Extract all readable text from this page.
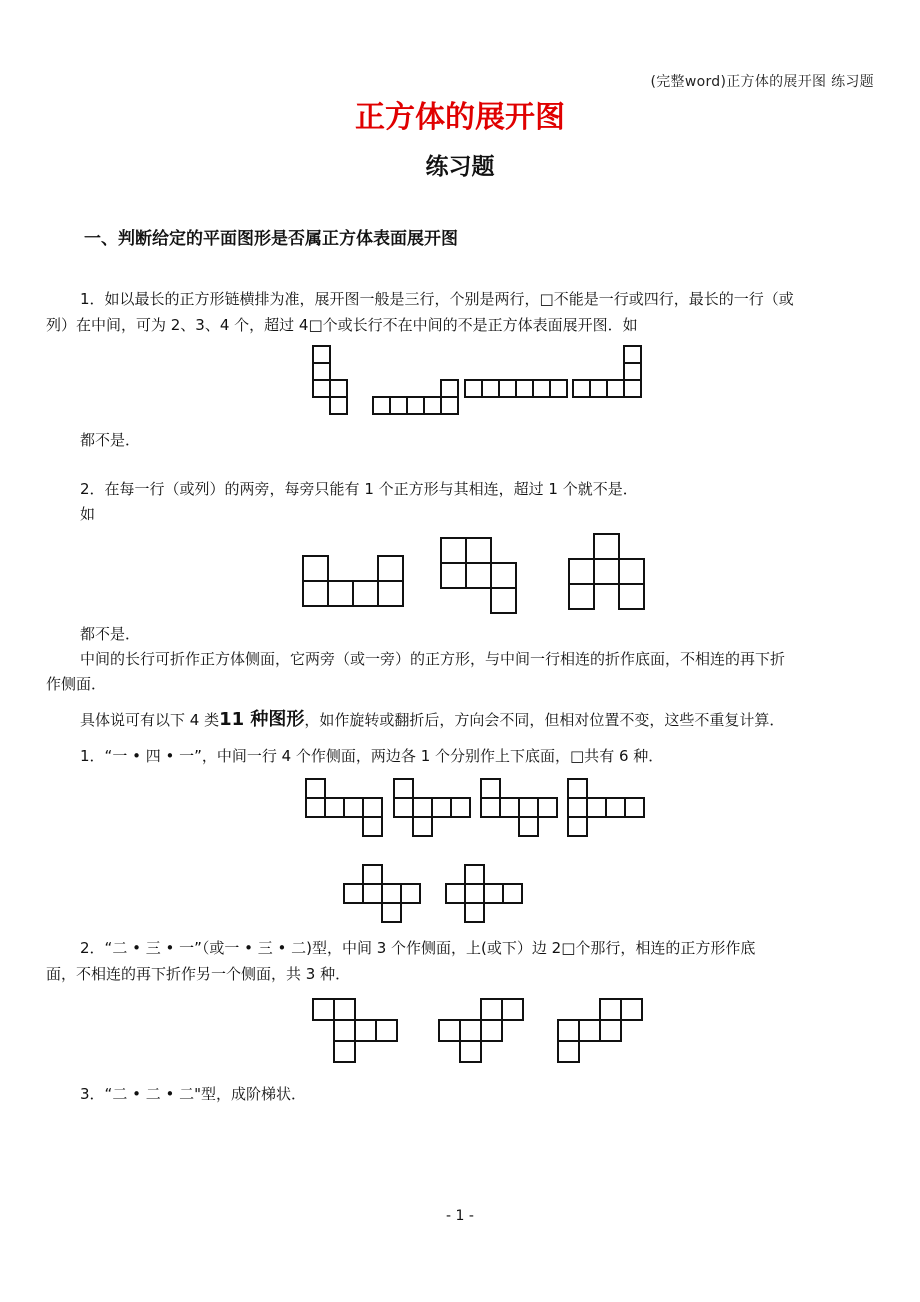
(完整word)正方体的展开图 练习题
正方体的展开图
练习题
一、判断给定的平面图形是否属正方体表面展开图
1．如以最长的正方形链横排为准，展开图一般是三行，个别是两行，□不能是一行或四行，最长的一行（或
列）在中间，可为 2、3、4 个，超过 4□个或长行不在中间的不是正方体表面展开图．如
都不是．
2．在每一行（或列）的两旁，每旁只能有 1 个正方形与其相连，超过 1 个就不是．
如
都不是．
中间的长行可折作正方体侧面，它两旁（或一旁）的正方形，与中间一行相连的折作底面，不相连的再下折
作侧面．
具体说可有以下 4 类11 种图形，如作旋转或翻折后，方向会不同，但相对位置不变，这些不重复计算．
1．“一 • 四 • 一”，中间一行 4 个作侧面，两边各 1 个分别作上下底面，□共有 6 种．
2．“二 • 三 • 一”（或一 • 三 • 二)型，中间 3 个作侧面，上(或下）边 2□个那行，相连的正方形作底
面，不相连的再下折作另一个侧面，共 3 种．
3．“二 • 二 • 二"型，成阶梯状．
- 1 -
